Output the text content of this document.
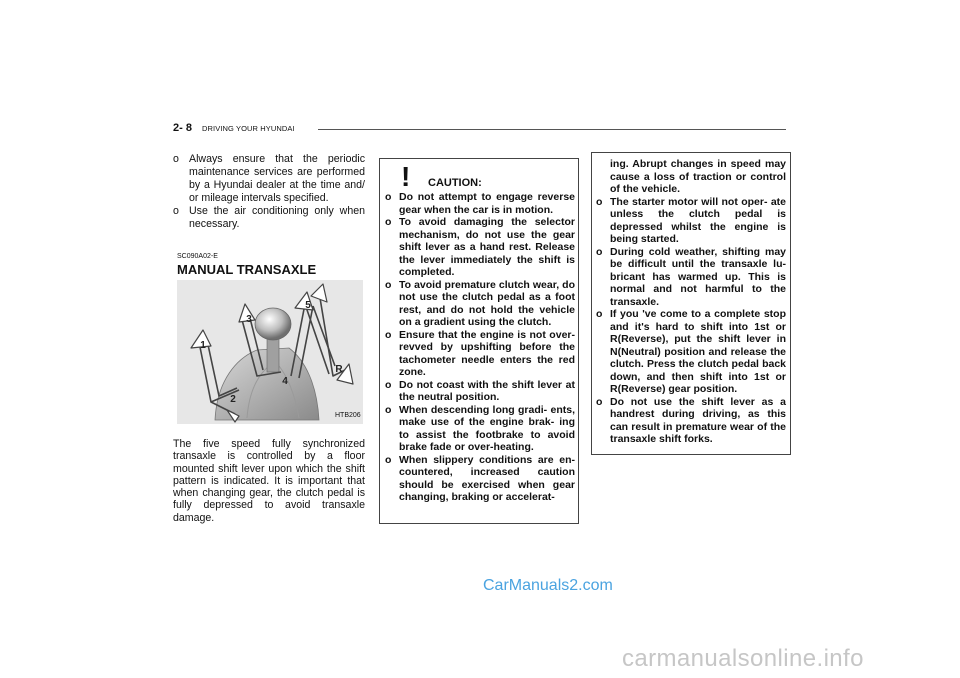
2- 8 DRIVING YOUR HYUNDAI
o Always ensure that the periodic maintenance services are performed by a Hyundai dealer at the time and/ or mileage intervals specified.
o Use the air conditioning only when necessary.
SC090A02-E
MANUAL TRANSAXLE
1
2
3
4
5
R
HTB206

The five speed fully synchronized transaxle is controlled by a floor mounted shift lever upon which the shift pattern is indicated. It is important that when changing gear, the clutch pedal is fully depressed to avoid transaxle damage.

! CAUTION:
o Do not attempt to engage reverse gear when the car is in motion.
o To avoid damaging the selector mechanism, do not use the gear shift lever as a hand rest. Release the lever immediately the shift is completed.
o To avoid premature clutch wear, do not use the clutch pedal as a foot rest, and do not hold the vehicle on a gradient using the clutch.
o Ensure that the engine is not over-revved by upshifting before the tachometer needle enters the red zone.
o Do not coast with the shift lever at the neutral position.
o When descending long gradi- ents, make use of the engine brak- ing to assist the footbrake to avoid brake fade or over-heating.
o When slippery conditions are en- countered, increased caution should be exercised when gear changing, braking or accelerat-
ing. Abrupt changes in speed may cause a loss of traction or control of the vehicle.
o The starter motor will not oper- ate unless the clutch pedal is depressed whilst the engine is being started.
o During cold weather, shifting may be difficult until the transaxle lu- bricant has warmed up. This is normal and not harmful to the transaxle.
o If you 've come to a complete stop and it's hard to shift into 1st or R(Reverse), put the shift lever in N(Neutral) position and release the clutch. Press the clutch pedal back down, and then shift into 1st or R(Reverse) gear position.
o Do not use the shift lever as a handrest during driving, as this can result in premature wear of the transaxle shift forks.
CarManuals2.com
carmanualsonline.info
